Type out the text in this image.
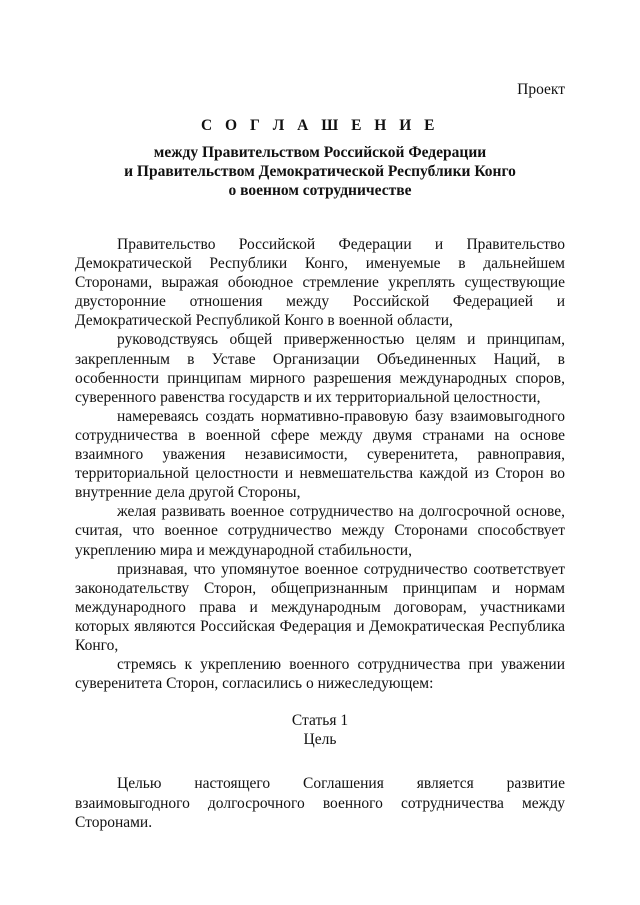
Проект
С О Г Л А Ш Е Н И Е
между Правительством Российской Федерации
и Правительством Демократической Республики Конго
о военном сотрудничестве

Правительство Российской Федерации и Правительство Демократической Республики Конго, именуемые в дальнейшем Сторонами, выражая обоюдное стремление укреплять существующие двусторонние отношения между Российской Федерацией и Демократической Республикой Конго в военной области,

руководствуясь общей приверженностью целям и принципам, закрепленным в Уставе Организации Объединенных Наций, в особенности принципам мирного разрешения международных споров, суверенного равенства государств и их территориальной целостности,

намереваясь создать нормативно-правовую базу взаимовыгодного сотрудничества в военной сфере между двумя странами на основе взаимного уважения независимости, суверенитета, равноправия, территориальной целостности и невмешательства каждой из Сторон во внутренние дела другой Стороны,

желая развивать военное сотрудничество на долгосрочной основе, считая, что военное сотрудничество между Сторонами способствует укреплению мира и международной стабильности,

признавая, что упомянутое военное сотрудничество соответствует законодательству Сторон, общепризнанным принципам и нормам международного права и международным договорам, участниками которых являются Российская Федерация и Демократическая Республика Конго,

стремясь к укреплению военного сотрудничества при уважении суверенитета Сторон, согласились о нижеследующем:

Статья 1
Цель

Целью настоящего Соглашения является развитие взаимовыгодного долгосрочного военного сотрудничества между Сторонами.
